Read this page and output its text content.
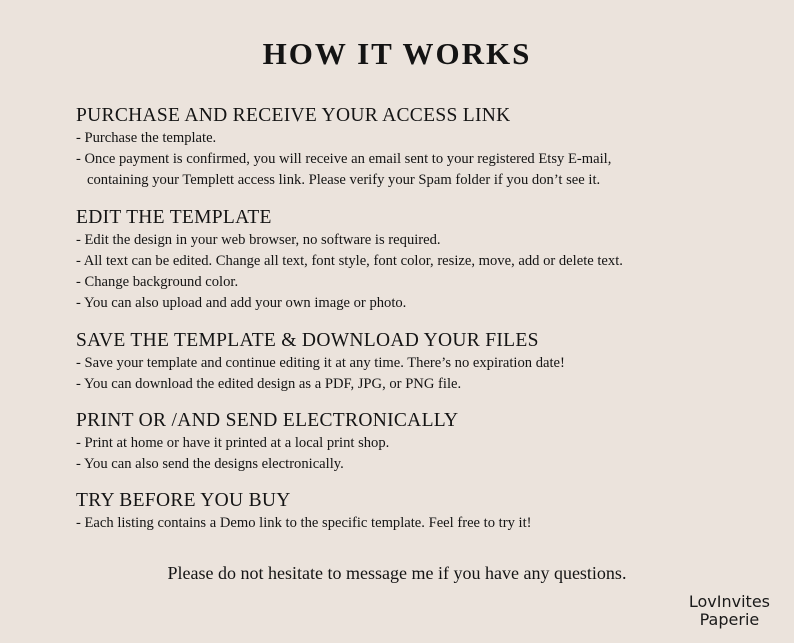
HOW IT WORKS
PURCHASE AND RECEIVE YOUR ACCESS LINK
- Purchase the template.
- Once payment is confirmed, you will receive an email sent to your registered Etsy E-mail,
containing your Templett access link. Please verify your Spam folder if you don’t see it.
EDIT THE TEMPLATE
- Edit the design in your web browser, no software is required.
- All text can be edited. Change all text, font style, font color, resize, move, add or delete text.
- Change background color.
- You can also upload and add your own image or photo.
SAVE THE TEMPLATE & DOWNLOAD YOUR FILES
- Save your template and continue editing it at any time. There’s no expiration date!
- You can download the edited design as a PDF, JPG, or PNG file.
PRINT OR /AND SEND ELECTRONICALLY
- Print at home or have it printed at a local print shop.
- You can also send the designs electronically.
TRY BEFORE YOU BUY
- Each listing contains a Demo link to the specific template. Feel free to try it!
Please do not hesitate to message me if you have any questions.
LovInvites
Paperie
